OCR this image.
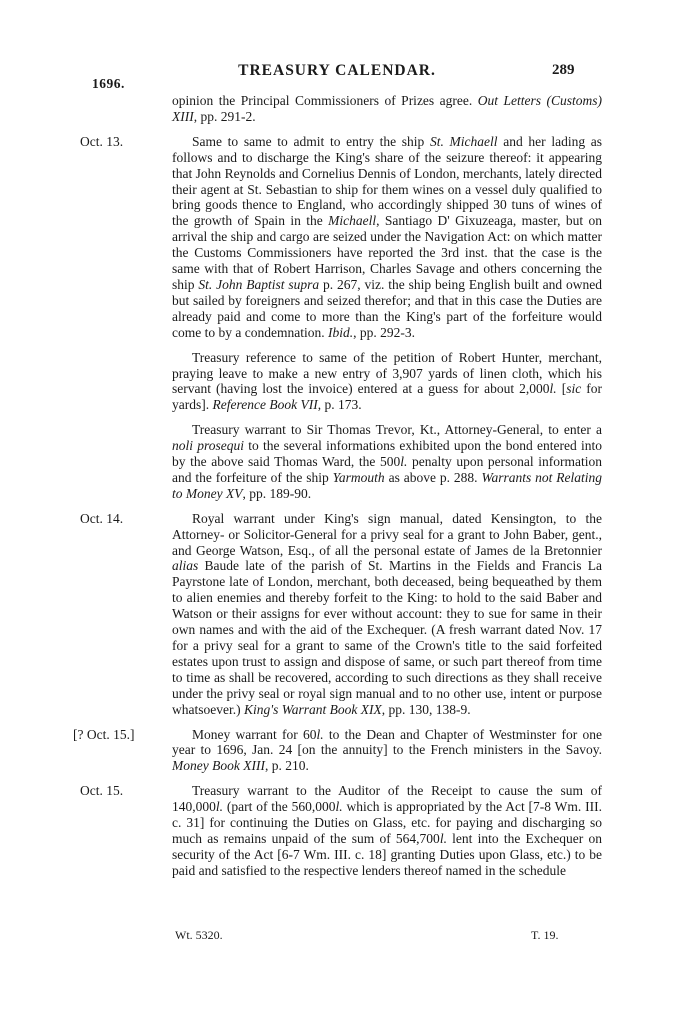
1696.
TREASURY CALENDAR.	289
opinion the Principal Commissioners of Prizes agree. Out Letters (Customs) XIII, pp. 291-2.
Oct. 13.	Same to same to admit to entry the ship St. Michaell and her lading as follows and to discharge the King's share of the seizure thereof: it appearing that John Reynolds and Cornelius Dennis of London, merchants, lately directed their agent at St. Sebastian to ship for them wines on a vessel duly qualified to bring goods thence to England, who accordingly shipped 30 tuns of wines of the growth of Spain in the Michaell, Santiago D' Gixuzeaga, master, but on arrival the ship and cargo are seized under the Navigation Act: on which matter the Customs Commissioners have reported the 3rd inst. that the case is the same with that of Robert Harrison, Charles Savage and others concerning the ship St. John Baptist supra p. 267, viz. the ship being English built and owned but sailed by foreigners and seized therefor; and that in this case the Duties are already paid and come to more than the King's part of the forfeiture would come to by a condemnation. Ibid., pp. 292-3.
Treasury reference to same of the petition of Robert Hunter, merchant, praying leave to make a new entry of 3,907 yards of linen cloth, which his servant (having lost the invoice) entered at a guess for about 2,000l. [sic for yards]. Reference Book VII, p. 173.
Treasury warrant to Sir Thomas Trevor, Kt., Attorney-General, to enter a noli prosequi to the several informations exhibited upon the bond entered into by the above said Thomas Ward, the 500l. penalty upon personal information and the forfeiture of the ship Yarmouth as above p. 288. Warrants not Relating to Money XV, pp. 189-90.
Oct. 14.	Royal warrant under King's sign manual, dated Kensington, to the Attorney- or Solicitor-General for a privy seal for a grant to John Baber, gent., and George Watson, Esq., of all the personal estate of James de la Bretonnier alias Baude late of the parish of St. Martins in the Fields and Francis La Payrstone late of London, merchant, both deceased, being bequeathed by them to alien enemies and thereby forfeit to the King: to hold to the said Baber and Watson or their assigns for ever without account: they to sue for same in their own names and with the aid of the Exchequer. (A fresh warrant dated Nov. 17 for a privy seal for a grant to same of the Crown's title to the said forfeited estates upon trust to assign and dispose of same, or such part thereof from time to time as shall be recovered, according to such directions as they shall receive under the privy seal or royal sign manual and to no other use, intent or purpose whatsoever.) King's Warrant Book XIX, pp. 130, 138-9.
[? Oct. 15.]	Money warrant for 60l. to the Dean and Chapter of Westminster for one year to 1696, Jan. 24 [on the annuity] to the French ministers in the Savoy. Money Book XIII, p. 210.
Oct. 15.	Treasury warrant to the Auditor of the Receipt to cause the sum of 140,000l. (part of the 560,000l. which is appropriated by the Act [7-8 Wm. III. c. 31] for continuing the Duties on Glass, etc. for paying and discharging so much as remains unpaid of the sum of 564,700l. lent into the Exchequer on security of the Act [6-7 Wm. III. c. 18] granting Duties upon Glass, etc.) to be paid and satisfied to the respective lenders thereof named in the schedule
Wt. 5320.	T. 19.
